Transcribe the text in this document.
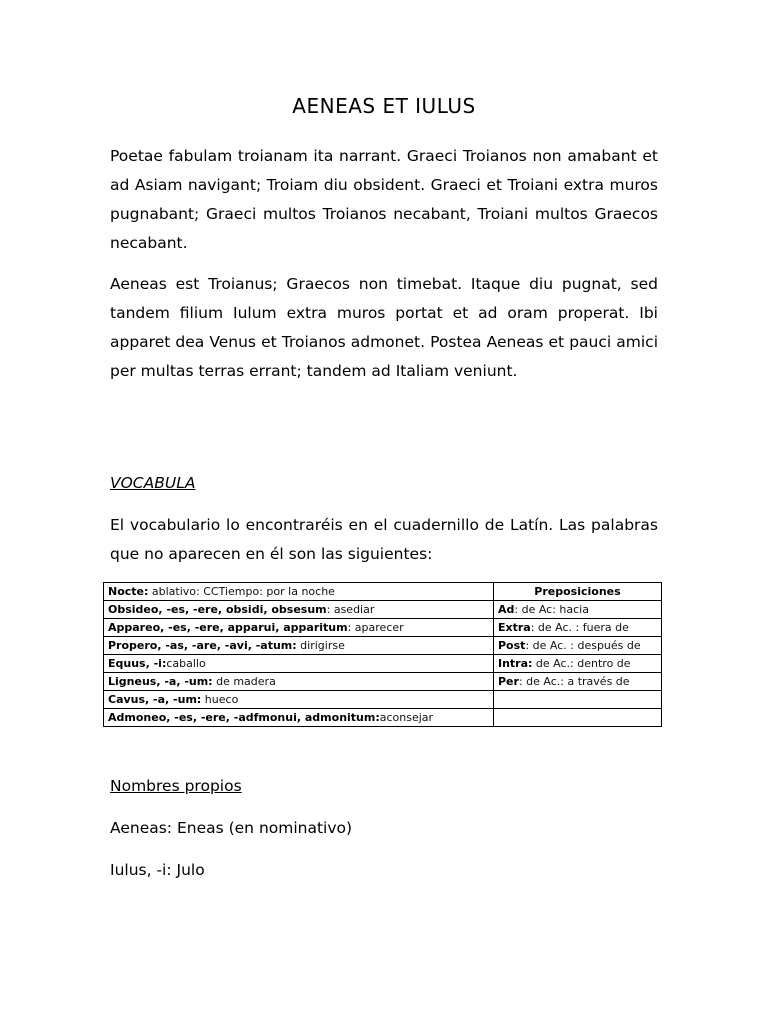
AENEAS ET IULUS

Poetae fabulam troianam ita narrant. Graeci Troianos non amabant et ad Asiam navigant; Troiam diu obsident. Graeci et Troiani extra muros pugnabant; Graeci multos Troianos necabant, Troiani multos Graecos necabant.

Aeneas est Troianus; Graecos non timebat. Itaque diu pugnat, sed tandem filium Iulum extra muros portat et ad oram properat. Ibi apparet dea Venus et Troianos admonet. Postea Aeneas et pauci amici per multas terras errant; tandem ad Italiam veniunt.

VOCABULA

El vocabulario lo encontraréis en el cuadernillo de Latín. Las palabras que no aparecen en él son las siguientes:

Nocte: ablativo: CCTiempo: por la noche	Preposiciones
Obsideo, -es, -ere, obsidi, obsesum: asediar	Ad: de Ac: hacia
Appareo, -es, -ere, apparui, apparitum: aparecer	Extra: de Ac. : fuera de
Propero, -as, -are, -avi, -atum: dirigirse	Post: de Ac. : después de
Equus, -i:caballo	Intra: de Ac.: dentro de
Ligneus, -a, -um: de madera	Per: de Ac.: a través de
Cavus, -a, -um: hueco	
Admoneo, -es, -ere, -adfmonui, admonitum:aconsejar	

Nombres propios

Aeneas: Eneas (en nominativo)

Iulus, -i: Julo
